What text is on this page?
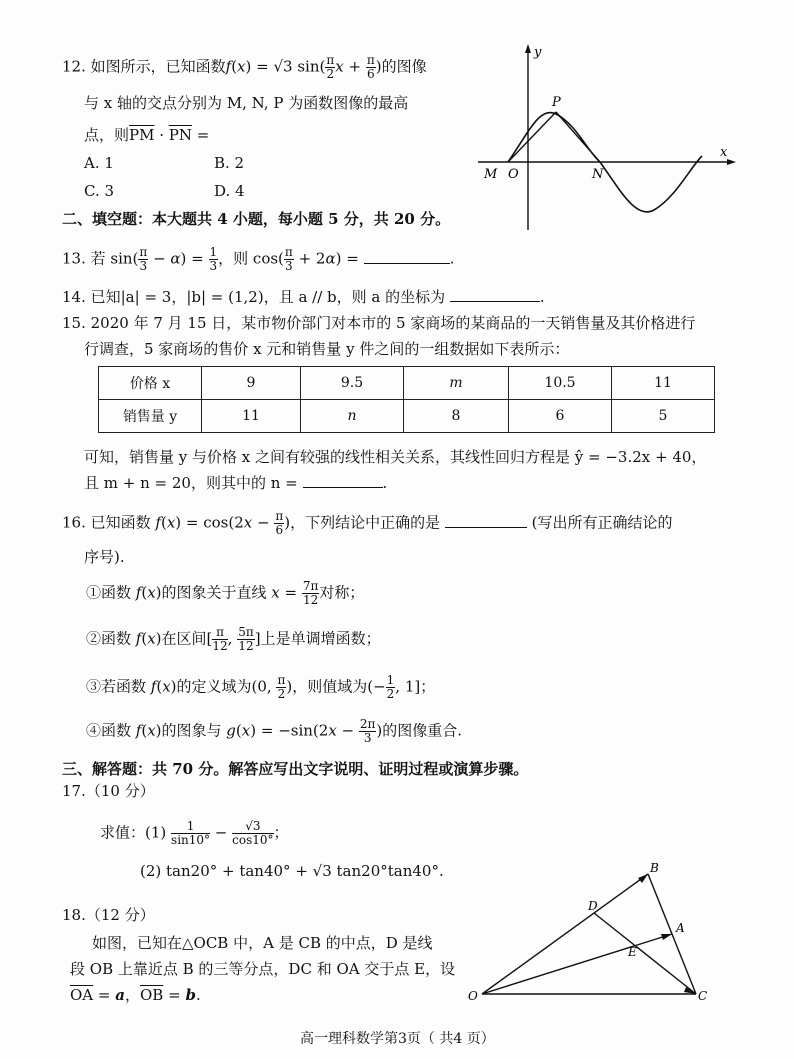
12. 如图所示，已知函数f(x) = √3 $\sin( \frac{\pi}{2}$ $x + \frac{\pi}{6}$ )的图像
与 x 轴的交点分别为 M, N, P 为函数图像的最高
点，则$\overline{PM} \cdot \overline{PN}$ =
A. 1	B. 2
C. 3	D. 4
y
x
M O	N
P
二、填空题：本大题共 4 小题，每小题 5 分，共 20 分。
13. 若 $\sin( \frac{\pi}{3} - \alpha) = \frac{1}{3}$ ，则 $\cos( \frac{\pi}{3} + 2\alpha)$ =	.
14. 已知|a| = 3，|b| = (1,2)，且 a // b，则 a 的坐标为	.
15. 2020 年 7 月 15 日，某市物价部门对本市的 5 家商场的某商品的一天销售量及其价格进行
行调查，5 家商场的售价 x 元和销售量 y 件之间的一组数据如下表所示：
价格 x	9	9.5	m	10.5	11
销售量 y	11	n	8	6	5
可知，销售量 y 与价格 x 之间有较强的线性相关关系，其线性回归方程是 ŷ = −3.2x + 40，
且 m + n = 20，则其中的 n =	.
16. 已知函数 $f(x) = \cos(2x - \frac{\pi}{6}$ )，下列结论中正确的是	(写出所有正确结论的
序号).
①函数 f(x)的图象关于直线 $x = \frac{7\pi}{12}$ 对称；
②函数 f(x)在区间[ $\frac{\pi}{12}$ , $\frac{5\pi}{12}$ ]上是单调增函数；
③若函数 f(x)的定义域为(0, $\frac{\pi}{2}$ )，则值域为(− $\frac{1}{2}$ , 1]；
④函数 f(x)的图象与 $g(x) = -\sin(2x - \frac{2\pi}{3}$ )的图像重合.
三、解答题：共 70 分。解答应写出文字说明、证明过程或演算步骤。
17.（10 分）
求值：$(1) \frac{1}{\sin 10^\circ} - \frac{√3}{\cos 10^\circ}$ ；
(2) tan20° + tan40° + √3 tan20°tan40°.
18.（12 分）
如图，已知在△OCB 中，A 是 CB 的中点，D 是线
段 OB 上靠近点 B 的三等分点，DC 和 OA 交于点 E，设
$\overline{OA} = a$，$\overline{OB} = b$.
B
D
A
E
O	C
高一理科数学第3页（ 共4 页）
